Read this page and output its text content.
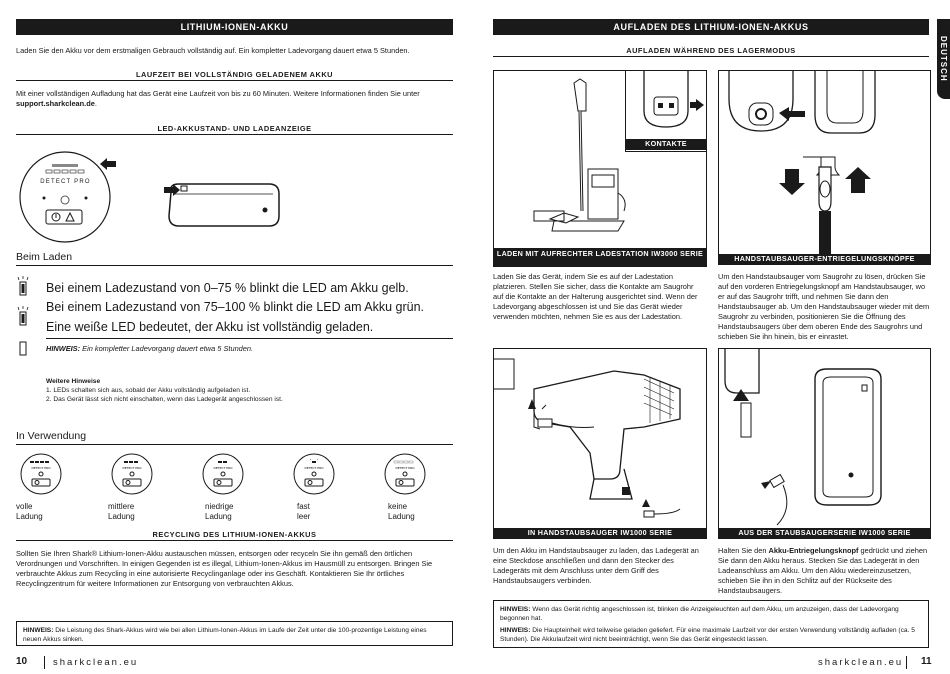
LITHIUM-IONEN-AKKU
Laden Sie den Akku vor dem erstmaligen Gebrauch vollständig auf. Ein kompletter Ladevorgang dauert etwa 5 Stunden.
LAUFZEIT BEI VOLLSTÄNDIG GELADENEM AKKU
Mit einer vollständigen Aufladung hat das Gerät eine Laufzeit von bis zu 60 Minuten. Weitere Informationen finden Sie unter support.sharkclean.de.
LED-AKKUSTAND- UND LADEANZEIGE
DETECT PRO
Beim Laden
Bei einem Ladezustand von 0–75 % blinkt die LED am Akku gelb.
Bei einem Ladezustand von 75–100 % blinkt die LED am Akku grün.
Eine weiße LED bedeutet, der Akku ist vollständig geladen.
HINWEIS: Ein kompletter Ladevorgang dauert etwa 5 Stunden.
Weitere Hinweise
1. LEDs schalten sich aus, sobald der Akku vollständig aufgeladen ist.
2. Das Gerät lässt sich nicht einschalten, wenn das Ladegerät angeschlossen ist.
In Verwendung
DETECT PRO	DETECT PRO	DETECT PRO	DETECT PRO	DETECT PRO
volle
Ladung
mittlere
Ladung
niedrige
Ladung
fast
leer
keine
Ladung
RECYCLING DES LITHIUM-IONEN-AKKUS
Sollten Sie Ihren Shark® Lithium-Ionen-Akku austauschen müssen, entsorgen oder recyceln Sie ihn gemäß den örtlichen Verordnungen und Vorschriften. In einigen Gegenden ist es illegal, Lithium-Ionen-Akkus im Hausmüll zu entsorgen. Bringen Sie verbrauchte Akkus zum Recycling in eine autorisierte Recyclinganlage oder ins Geschäft. Kontaktieren Sie Ihr örtliches Recyclingzentrum für weitere Informationen zur Entsorgung von verbrauchten Akkus.
HINWEIS: Die Leistung des Shark-Akkus wird wie bei allen Lithium-Ionen-Akkus im Laufe der Zeit unter die 100-prozentige Leistung eines neuen Akkus sinken.
10	sharkclean.eu
AUFLADEN DES LITHIUM-IONEN-AKKUS
DEUTSCH
AUFLADEN WÄHREND DES LAGERMODUS
KONTAKTE
LADEN MIT AUFRECHTER LADESTATION IW3000 SERIE
HANDSTAUBSAUGER-ENTRIEGELUNGSKNÖPFE
Laden Sie das Gerät, indem Sie es auf der Ladestation platzieren. Stellen Sie sicher, dass die Kontakte am Saugrohr auf die Kontakte an der Halterung ausgerichtet sind. Wenn der Ladevorgang abgeschlossen ist und Sie das Gerät wieder verwenden möchten, nehmen Sie es aus der Ladestation.
Um den Handstaubsauger vom Saugrohr zu lösen, drücken Sie auf den vorderen Entriegelungsknopf am Handstaubsauger, wo er auf das Saugrohr trifft, und nehmen Sie dann den Handstaubsauger ab. Um den Handstaubsauger wieder mit dem Saugrohr zu verbinden, positionieren Sie die Öffnung des Handstaubsaugers über dem oberen Ende des Saugrohrs und schieben Sie ihn hinein, bis er einrastet.
IN HANDSTAUBSAUGER IW1000 SERIE	AUS DER STAUBSAUGERSERIE IW1000 SERIE
Um den Akku im Handstaubsauger zu laden, das Ladegerät an eine Steckdose anschließen und dann den Stecker des Ladegeräts mit dem Anschluss unter dem Griff des Handstaubsaugers verbinden.
Halten Sie den Akku-Entriegelungsknopf gedrückt und ziehen Sie dann den Akku heraus. Stecken Sie das Ladegerät in den Ladeanschluss am Akku. Um den Akku wiedereinzusetzen, schieben Sie ihn in den Schlitz auf der Rückseite des Handstaubsaugers.
HINWEIS: Wenn das Gerät richtig angeschlossen ist, blinken die Anzeigeleuchten auf dem Akku, um anzuzeigen, dass der Ladevorgang begonnen hat.
HINWEIS: Die Haupteinheit wird teilweise geladen geliefert. Für eine maximale Laufzeit vor der ersten Verwendung vollständig aufladen (ca. 5 Stunden). Die Akkulaufzeit wird nicht beeinträchtigt, wenn Sie das Gerät eingesteckt lassen.
sharkclean.eu 11
